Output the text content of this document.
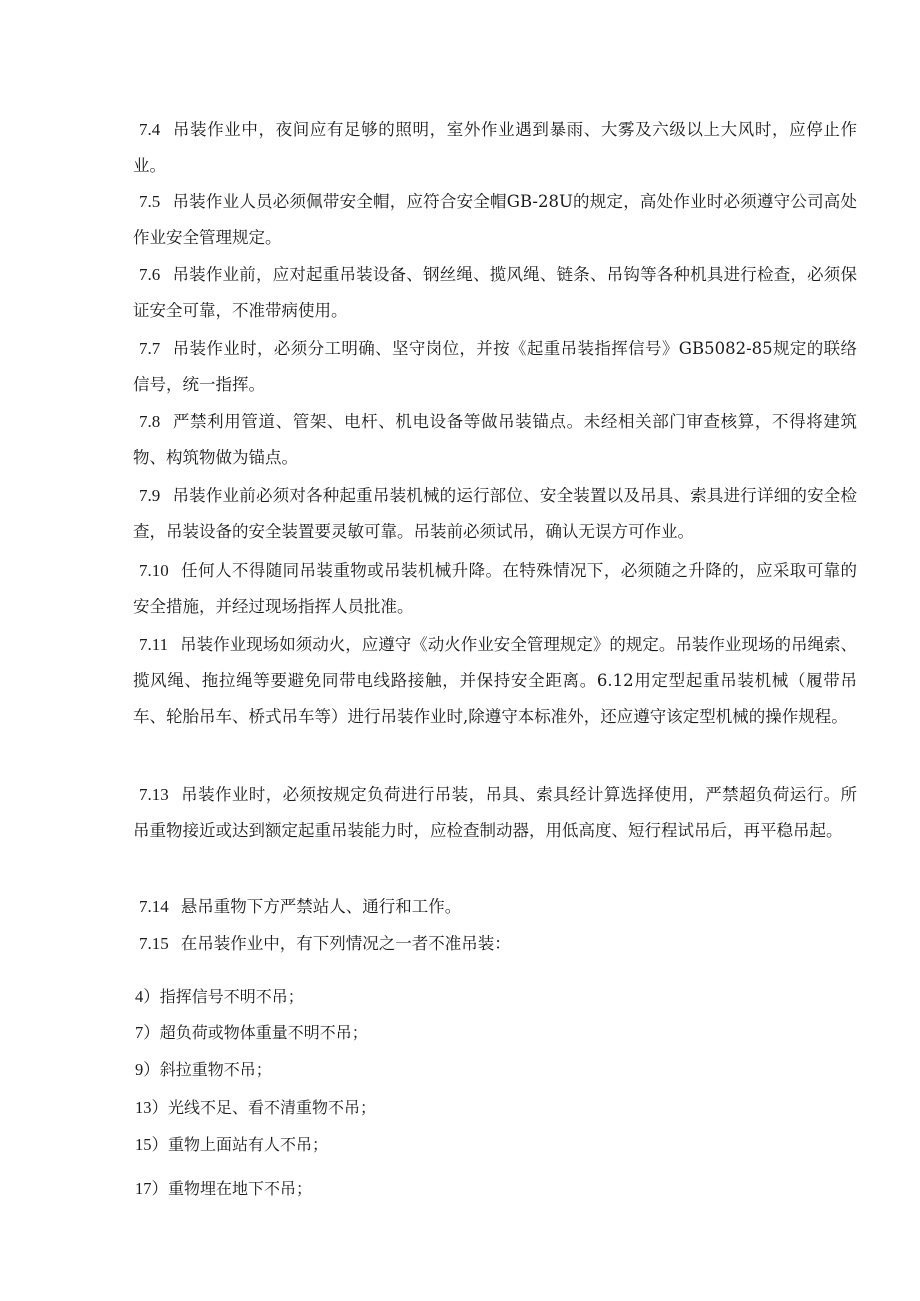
7.4 吊装作业中，夜间应有足够的照明，室外作业遇到暴雨、大雾及六级以上大风时，应停止作业。

7.5 吊装作业人员必须佩带安全帽，应符合安全帽GB-28U的规定，高处作业时必须遵守公司高处作业安全管理规定。

7.6 吊装作业前，应对起重吊装设备、钢丝绳、揽风绳、链条、吊钩等各种机具进行检查，必须保证安全可靠，不准带病使用。

7.7 吊装作业时，必须分工明确、坚守岗位，并按《起重吊装指挥信号》GB5082-85规定的联络信号，统一指挥。

7.8 严禁利用管道、管架、电杆、机电设备等做吊装锚点。未经相关部门审查核算，不得将建筑物、构筑物做为锚点。

7.9 吊装作业前必须对各种起重吊装机械的运行部位、安全装置以及吊具、索具进行详细的安全检查，吊装设备的安全装置要灵敏可靠。吊装前必须试吊，确认无误方可作业。

7.10 任何人不得随同吊装重物或吊装机械升降。在特殊情况下，必须随之升降的，应采取可靠的安全措施，并经过现场指挥人员批准。

7.11 吊装作业现场如须动火，应遵守《动火作业安全管理规定》的规定。吊装作业现场的吊绳索、揽风绳、拖拉绳等要避免同带电线路接触，并保持安全距离。6.12用定型起重吊装机械（履带吊车、轮胎吊车、桥式吊车等）进行吊装作业时,除遵守本标准外，还应遵守该定型机械的操作规程。

7.13 吊装作业时，必须按规定负荷进行吊装，吊具、索具经计算选择使用，严禁超负荷运行。所吊重物接近或达到额定起重吊装能力时，应检查制动器，用低高度、短行程试吊后，再平稳吊起。

7.14 悬吊重物下方严禁站人、通行和工作。

7.15 在吊装作业中，有下列情况之一者不准吊装：

4）指挥信号不明不吊；

7）超负荷或物体重量不明不吊；

9）斜拉重物不吊；

13）光线不足、看不清重物不吊；

15）重物上面站有人不吊；

17）重物埋在地下不吊；
